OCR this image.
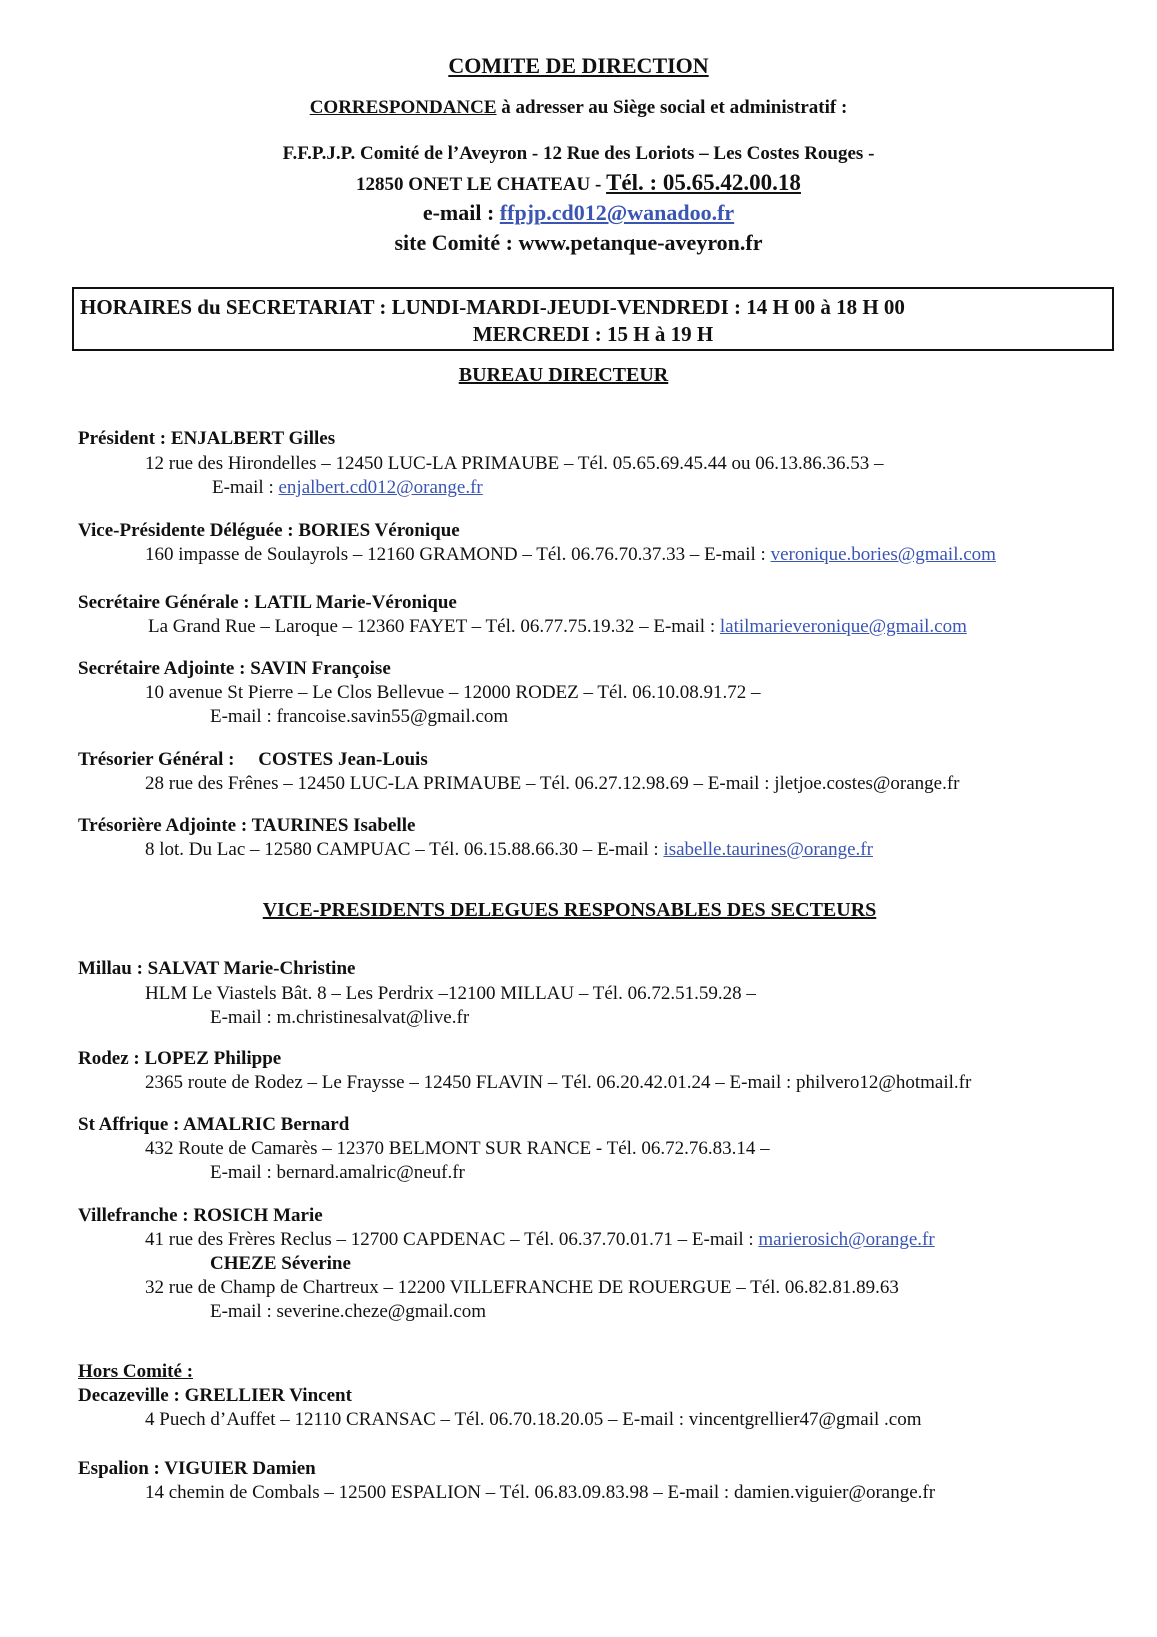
COMITE DE DIRECTION
CORRESPONDANCE à adresser au Siège social et administratif :
F.F.P.J.P. Comité de l’Aveyron - 12 Rue des Loriots – Les Costes Rouges -
12850 ONET LE CHATEAU - Tél. : 05.65.42.00.18
e-mail : ffpjp.cd012@wanadoo.fr
site Comité : www.petanque-aveyron.fr
HORAIRES du SECRETARIAT : LUNDI-MARDI-JEUDI-VENDREDI : 14 H 00 à 18 H 00
MERCREDI : 15 H à 19 H
BUREAU DIRECTEUR
Président : ENJALBERT Gilles
12 rue des Hirondelles – 12450 LUC-LA PRIMAUBE – Tél. 05.65.69.45.44 ou 06.13.86.36.53 –
E-mail : enjalbert.cd012@orange.fr
Vice-Présidente Déléguée : BORIES Véronique
160 impasse de Soulayrols – 12160 GRAMOND – Tél. 06.76.70.37.33 – E-mail : veronique.bories@gmail.com
Secrétaire Générale : LATIL Marie-Véronique
La Grand Rue – Laroque – 12360 FAYET – Tél. 06.77.75.19.32 – E-mail : latilmarieveronique@gmail.com
Secrétaire Adjointe : SAVIN Françoise
10 avenue St Pierre – Le Clos Bellevue – 12000 RODEZ – Tél. 06.10.08.91.72 –
E-mail : francoise.savin55@gmail.com
Trésorier Général :     COSTES Jean-Louis
28 rue des Frênes – 12450 LUC-LA PRIMAUBE – Tél. 06.27.12.98.69 – E-mail : jletjoe.costes@orange.fr
Trésorière Adjointe : TAURINES Isabelle
8 lot. Du Lac – 12580 CAMPUAC – Tél. 06.15.88.66.30 – E-mail : isabelle.taurines@orange.fr
VICE-PRESIDENTS DELEGUES RESPONSABLES DES SECTEURS
Millau : SALVAT Marie-Christine
HLM Le Viastels Bât. 8 – Les Perdrix –12100 MILLAU – Tél. 06.72.51.59.28 –
E-mail : m.christinesalvat@live.fr
Rodez : LOPEZ Philippe
2365 route de Rodez – Le Fraysse – 12450 FLAVIN – Tél. 06.20.42.01.24 – E-mail : philvero12@hotmail.fr
St Affrique : AMALRIC Bernard
432 Route de Camarès – 12370 BELMONT SUR RANCE - Tél. 06.72.76.83.14 –
E-mail : bernard.amalric@neuf.fr
Villefranche : ROSICH Marie
41 rue des Frères Reclus – 12700 CAPDENAC – Tél. 06.37.70.01.71 – E-mail : marierosich@orange.fr
CHEZE Séverine
32 rue de Champ de Chartreux – 12200 VILLEFRANCHE DE ROUERGUE – Tél. 06.82.81.89.63
E-mail : severine.cheze@gmail.com
Hors Comité :
Decazeville : GRELLIER Vincent
4 Puech d’Auffet – 12110 CRANSAC – Tél. 06.70.18.20.05 – E-mail : vincentgrellier47@gmail .com
Espalion : VIGUIER Damien
14 chemin de Combals – 12500 ESPALION – Tél. 06.83.09.83.98 – E-mail : damien.viguier@orange.fr
